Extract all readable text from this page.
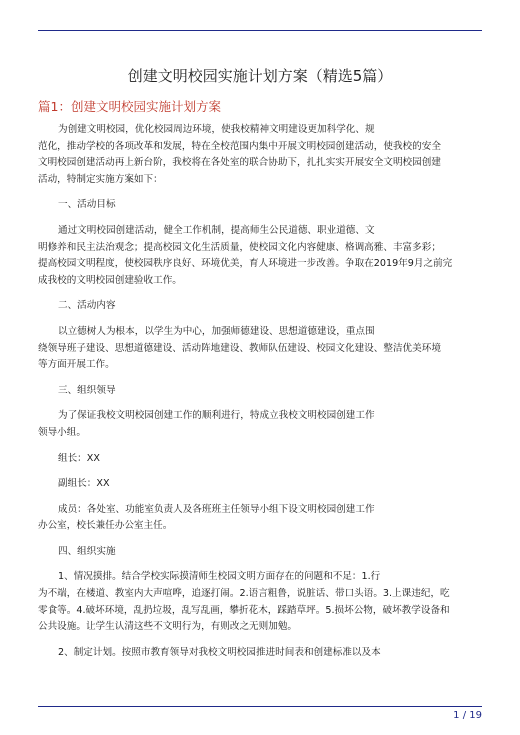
创建文明校园实施计划方案（精选5篇）
篇1：创建文明校园实施计划方案

为创建文明校园，优化校园周边环境，使我校精神文明建设更加科学化、规
范化，推动学校的各项改革和发展，特在全校范围内集中开展文明校园创建活动，使我校的安全
文明校园创建活动再上新台阶，我校将在各处室的联合协助下，扎扎实实开展安全文明校园创建
活动，特制定实施方案如下：

一、活动目标

通过文明校园创建活动，健全工作机制，提高师生公民道德、职业道德、文
明修养和民主法治观念；提高校园文化生活质量，使校园文化内容健康、格调高雅、丰富多彩；
提高校园文明程度，使校园秩序良好、环境优美，育人环境进一步改善。争取在2019年9月之前完
成我校的文明校园创建验收工作。

二、活动内容

以立德树人为根本，以学生为中心，加强师德建设、思想道德建设，重点围
绕领导班子建设、思想道德建设、活动阵地建设、教师队伍建设、校园文化建设、整洁优美环境
等方面开展工作。

三、组织领导

为了保证我校文明校园创建工作的顺利进行，特成立我校文明校园创建工作
领导小组。

组长：XX

副组长：XX

成员：各处室、功能室负责人及各班班主任领导小组下设文明校园创建工作
办公室，校长兼任办公室主任。

四、组织实施

1、情况摸排。结合学校实际摸清师生校园文明方面存在的问题和不足：1.行
为不端，在楼道、教室内大声喧哗，追逐打闹。2.语言粗鲁，说脏话、带口头语。3.上课违纪，吃
零食等。4.破坏环境，乱扔垃圾，乱写乱画，攀折花木，踩踏草坪。5.损坏公物，破坏教学设备和
公共设施。让学生认清这些不文明行为，有则改之无则加勉。

2、制定计划。按照市教育领导对我校文明校园推进时间表和创建标准以及本

1 / 19
